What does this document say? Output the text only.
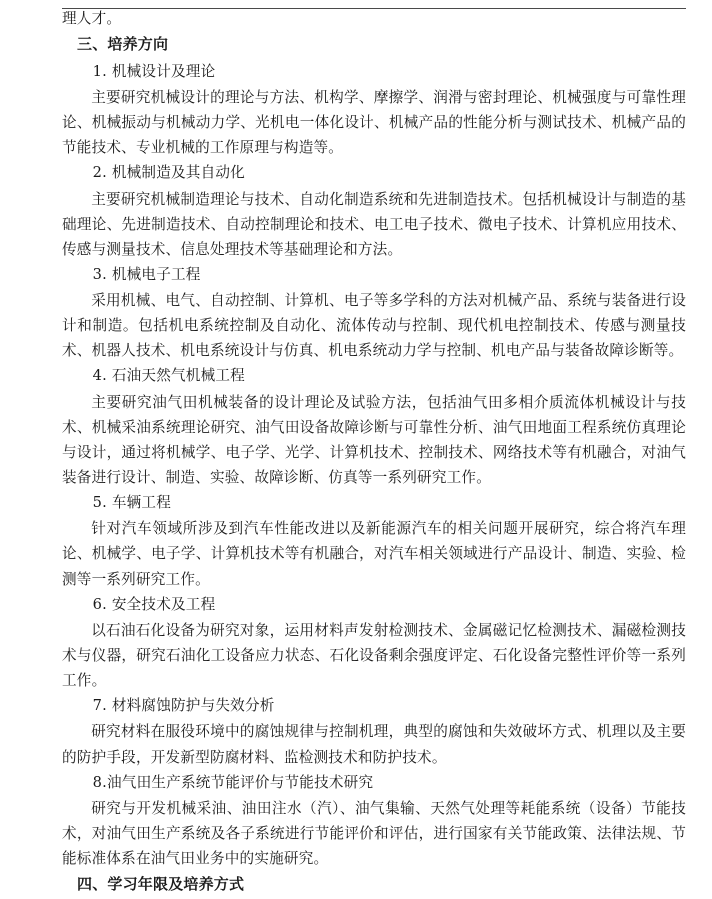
理人才。

三、培养方向

1. 机械设计及理论

主要研究机械设计的理论与方法、机构学、摩擦学、润滑与密封理论、机械强度与可靠性理论、机械振动与机械动力学、光机电一体化设计、机械产品的性能分析与测试技术、机械产品的节能技术、专业机械的工作原理与构造等。

2. 机械制造及其自动化

主要研究机械制造理论与技术、自动化制造系统和先进制造技术。包括机械设计与制造的基础理论、先进制造技术、自动控制理论和技术、电工电子技术、微电子技术、计算机应用技术、传感与测量技术、信息处理技术等基础理论和方法。

3. 机械电子工程

采用机械、电气、自动控制、计算机、电子等多学科的方法对机械产品、系统与装备进行设计和制造。包括机电系统控制及自动化、流体传动与控制、现代机电控制技术、传感与测量技术、机器人技术、机电系统设计与仿真、机电系统动力学与控制、机电产品与装备故障诊断等。

4. 石油天然气机械工程

主要研究油气田机械装备的设计理论及试验方法，包括油气田多相介质流体机械设计与技术、机械采油系统理论研究、油气田设备故障诊断与可靠性分析、油气田地面工程系统仿真理论与设计，通过将机械学、电子学、光学、计算机技术、控制技术、网络技术等有机融合，对油气装备进行设计、制造、实验、故障诊断、仿真等一系列研究工作。

5. 车辆工程

针对汽车领域所涉及到汽车性能改进以及新能源汽车的相关问题开展研究，综合将汽车理论、机械学、电子学、计算机技术等有机融合，对汽车相关领域进行产品设计、制造、实验、检测等一系列研究工作。

6. 安全技术及工程

以石油石化设备为研究对象，运用材料声发射检测技术、金属磁记忆检测技术、漏磁检测技术与仪器，研究石油化工设备应力状态、石化设备剩余强度评定、石化设备完整性评价等一系列工作。

7. 材料腐蚀防护与失效分析

研究材料在服役环境中的腐蚀规律与控制机理，典型的腐蚀和失效破坏方式、机理以及主要的防护手段，开发新型防腐材料、监检测技术和防护技术。

8.油气田生产系统节能评价与节能技术研究

研究与开发机械采油、油田注水（汽）、油气集输、天然气处理等耗能系统（设备）节能技术，对油气田生产系统及各子系统进行节能评价和评估，进行国家有关节能政策、法律法规、节能标准体系在油气田业务中的实施研究。

四、学习年限及培养方式
